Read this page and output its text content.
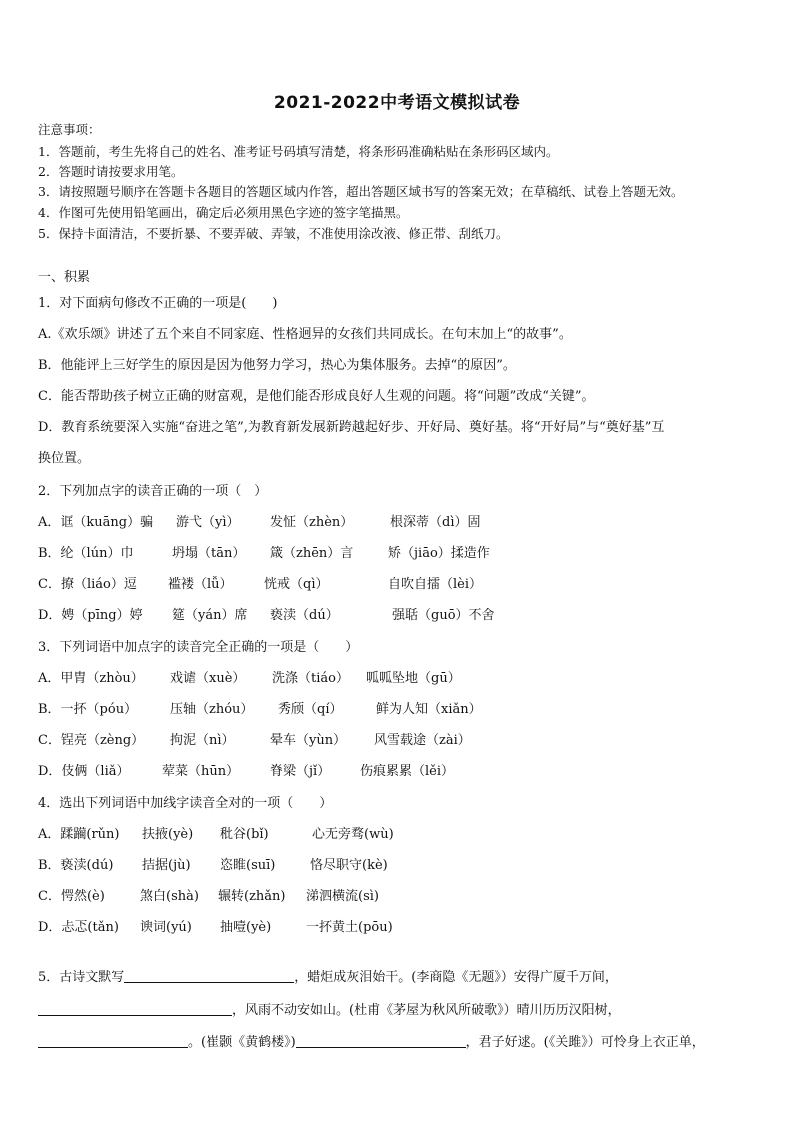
2021-2022中考语文模拟试卷
注意事项：
1．答题前，考生先将自己的姓名、准考证号码填写清楚，将条形码准确粘贴在条形码区域内。
2．答题时请按要求用笔。
3．请按照题号顺序在答题卡各题目的答题区域内作答，超出答题区域书写的答案无效；在草稿纸、试卷上答题无效。
4．作图可先使用铅笔画出，确定后必须用黑色字迹的签字笔描黑。
5．保持卡面清洁，不要折暴、不要弄破、弄皱，不准使用涂改液、修正带、刮纸刀。
一、积累
1．对下面病句修改不正确的一项是(　　)
A.《欢乐颂》讲述了五个来自不同家庭、性格迥异的女孩们共同成长。在句末加上“的故事”。
B．他能评上三好学生的原因是因为他努力学习，热心为集体服务。去掉“的原因”。
C．能否帮助孩子树立正确的财富观，是他们能否形成良好人生观的问题。将“问题”改成“关键”。
D．教育系统要深入实施“奋进之笔”,为教育新发展新跨越起好步、开好局、奠好基。将“开好局”与“奠好基”互
换位置。
2．下列加点字的读音正确的一项（　）
A．诓（kuāng）骗 游弋（yì） 发怔（zhèn）	根深蒂（dì）固
B．纶（lún）巾	坍塌（tān） 箴（zhēn）言	矫（jiāo）揉造作
C．撩（liáo）逗 褴褛（lǚ） 恍戒（qì）	自吹自擂（lèi）
D．娉（pīng）婷 筵（yán）席 亵渎（dú）	强聒（guō）不舍
3．下列词语中加点字的读音完全正确的一项是（　　）
A．甲胄（zhòu） 戏谑（xuè） 洗涤（tiáo） 呱呱坠地（gū）
B．一抔（póu）	压轴（zhóu） 秀颀（qí）	鲜为人知（xiǎn）
C．锃亮（zèng） 拘泥（nì）	晕车（yùn） 风雪载途（zài）
D．伎俩（liǎ）	荤菜（hūn） 脊梁（jǐ） 伤痕累累（lěi）
4．选出下列词语中加线字读音全对的一项（　　）
A．蹂躏(rǔn) 扶掖(yè) 秕谷(bǐ)	心无旁骛(wù)
B．亵渎(dú) 拮据(jù) 恣睢(suī)	恪尽职守(kè)
C．愕然(è)	煞白(shà) 辗转(zhǎn) 涕泗横流(sì)
D．忐忑(tǎn) 谀词(yú) 抽噎(yè)	一抔黄土(pōu)
5．古诗文默写	，蜡炬成灰泪始干。(李商隐《无题》）安得广厦千万间，
，风雨不动安如山。(杜甫《茅屋为秋风所破歌》）晴川历历汉阳树，
。(崔颢《黄鹤楼》)	，君子好逑。(《关雎》）可怜身上衣正单，
